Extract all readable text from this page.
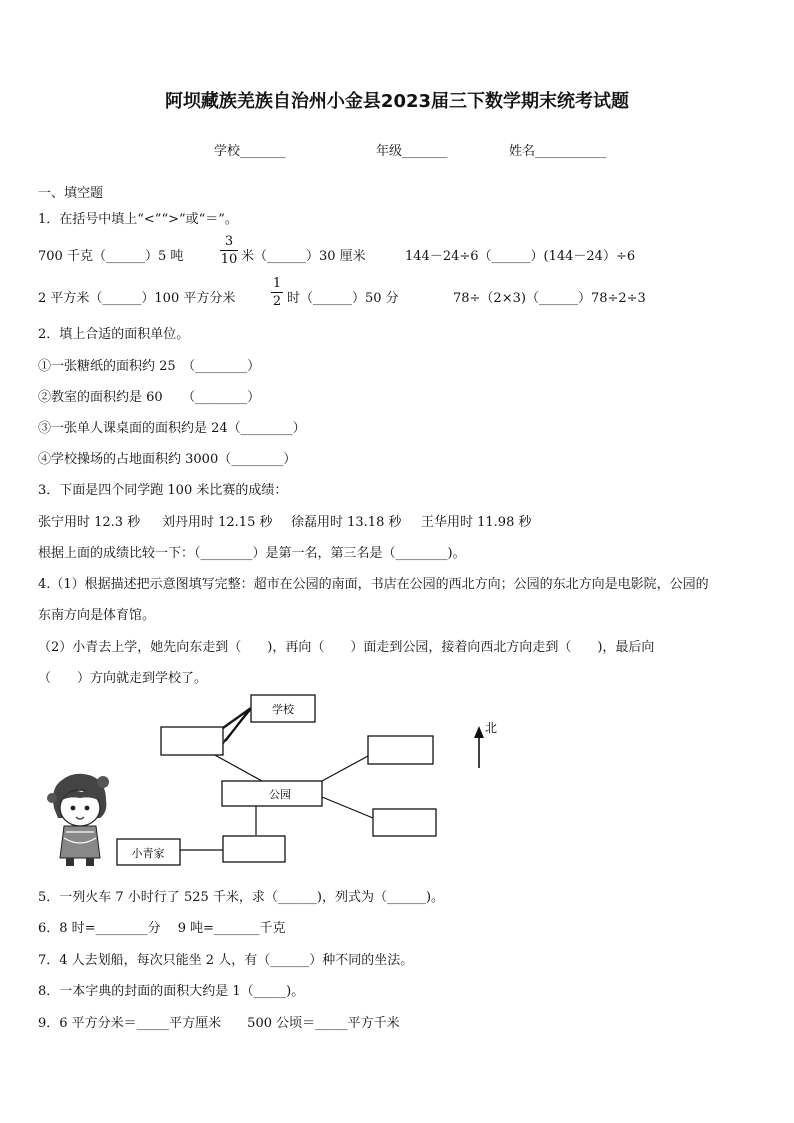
阿坝藏族羌族自治州小金县2023届三下数学期末统考试题
学校_______	年级_______	姓名___________
一、填空题
1．在括号中填上“<”“>”或“＝”。
700 千克（______）5 吨
3
10 米（______）30 厘米	144－24÷6（______）(144－24）÷6
2 平方米（______）100 平方分米
1
2 时（______）50 分	78÷（2×3)（______）78÷2÷3
2．填上合适的面积单位。
①一张糖纸的面积约 25　（________）
②教室的面积约是 60　　（________）
③一张单人课桌面的面积约是 24（________）
④学校操场的占地面积约 3000（________）
3．下面是四个同学跑 100 米比赛的成绩：
张宁用时 12.3 秒 刘丹用时 12.15 秒 徐磊用时 13.18 秒 王华用时 11.98 秒
根据上面的成绩比较一下：（________）是第一名，第三名是（________)。
4.（1）根据描述把示意图填写完整：超市在公园的南面，书店在公园的西北方向；公园的东北方向是电影院，公园的
东南方向是体育馆。
（2）小青去上学，她先向东走到（　　)，再向（　　）面走到公园，接着向西北方向走到（　　)，最后向
（　　）方向就走到学校了。
学校
公园
小青家
北
5．一列火车 7 小时行了 525 千米，求（______)，列式为（______)。
6．8 时=________分　 9 吨=_______千克
7．4 人去划船，每次只能坐 2 人，有（______）种不同的坐法。
8．一本字典的封面的面积大约是 1（_____)。
9．6 平方分米＝_____平方厘米　　500 公顷＝_____平方千米
